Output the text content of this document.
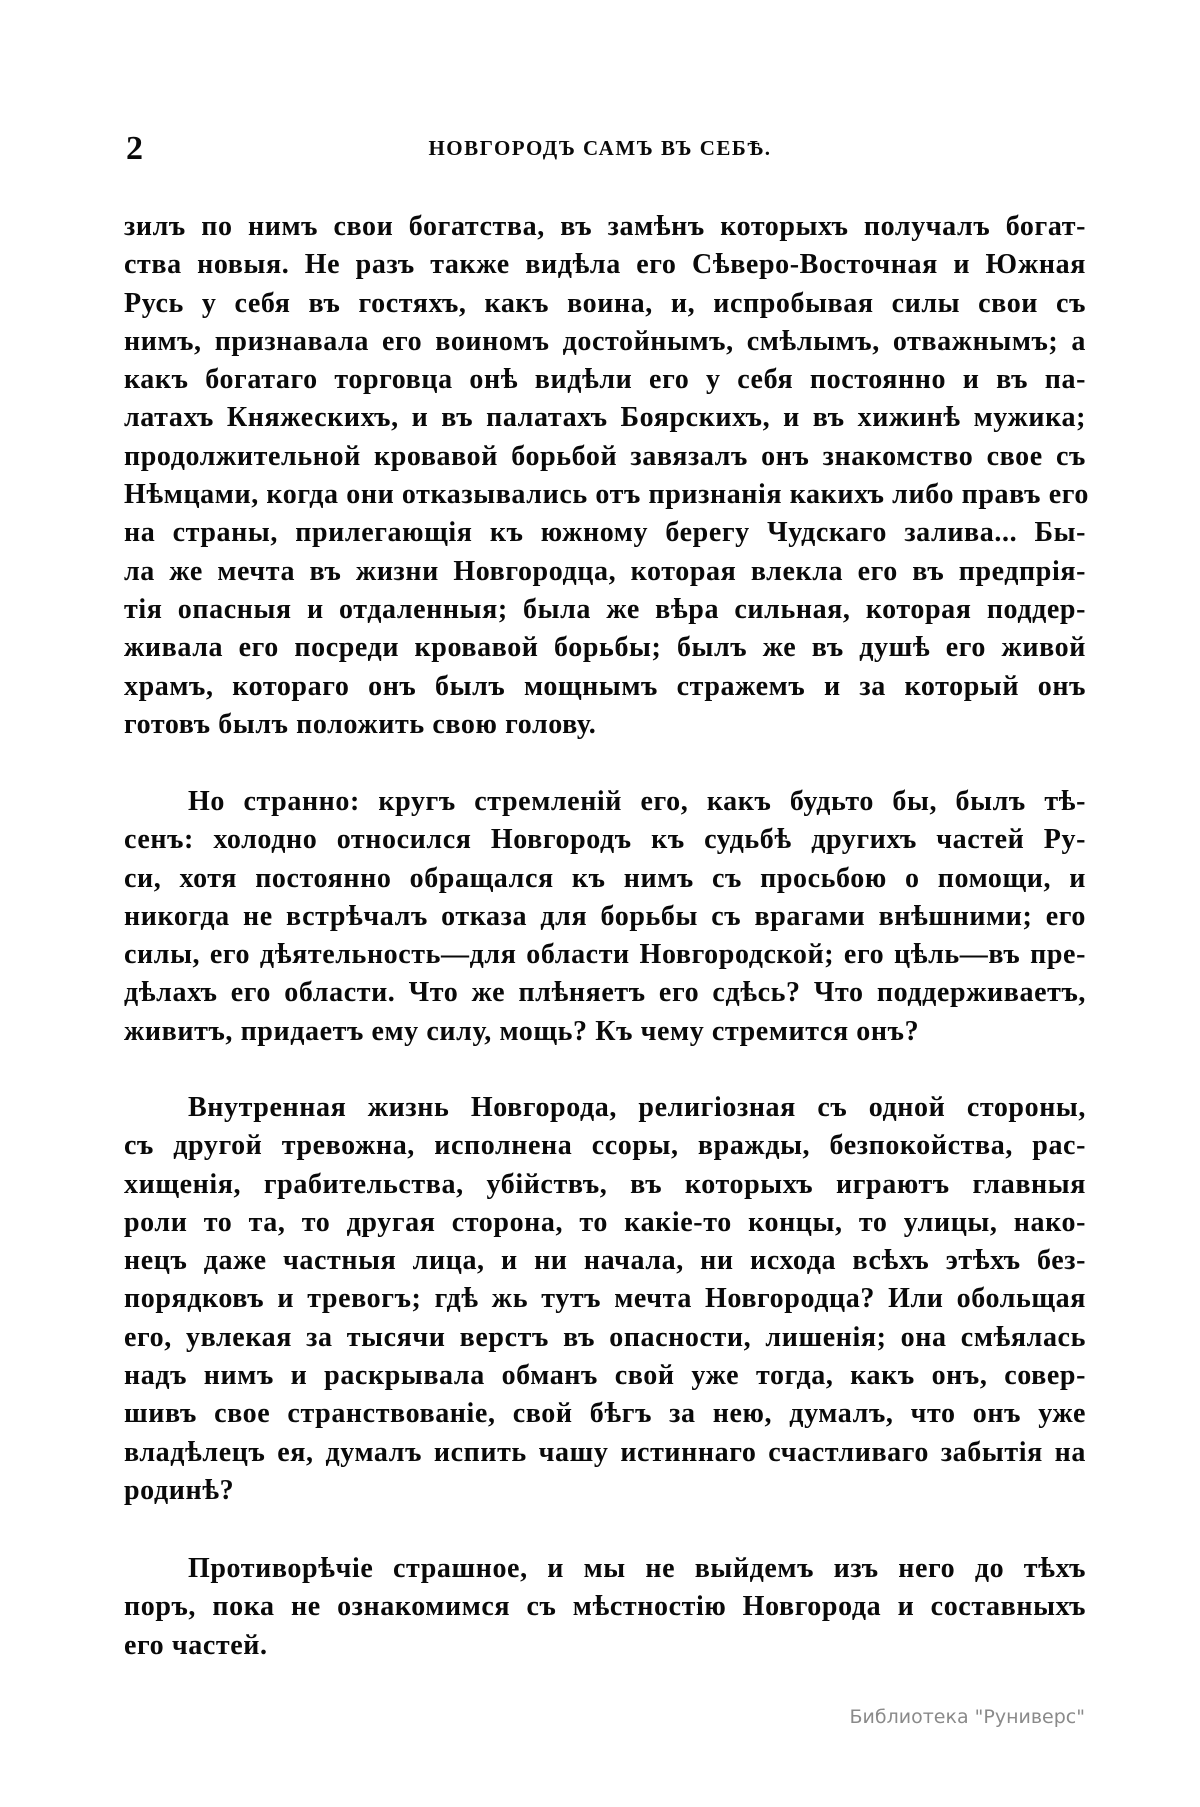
2	НОВГОРОДЪ САМЪ ВЪ СЕБѢ.
зилъ по нимъ свои богатства, въ замѣнъ которыхъ получалъ богат-
ства новыя. Не разъ также видѣла его Сѣверо-Восточная и Южная
Русь у себя въ гостяхъ, какъ воина, и, испробывая силы свои съ
нимъ, признавала его воиномъ достойнымъ, смѣлымъ, отважнымъ; а
какъ богатаго торговца онѣ видѣли его у себя постоянно и въ па-
латахъ Княжескихъ, и въ палатахъ Боярскихъ, и въ хижинѣ мужика;
продолжительной кровавой борьбой завязалъ онъ знакомство свое съ
Нѣмцами, когда они отказывались отъ признанія какихъ либо правъ его
на страны, прилегающія къ южному берегу Чудскаго залива... Бы-
ла же мечта въ жизни Новгородца, которая влекла его въ предпрія-
тія опасныя и отдаленныя; была же вѣра сильная, которая поддер-
живала его посреди кровавой борьбы; былъ же въ душѣ его живой
храмъ, котораго онъ былъ мощнымъ стражемъ и за который онъ
готовъ былъ положить свою голову.
Но странно: кругъ стремленій его, какъ будьто бы, былъ тѣ-
сенъ: холодно относился Новгородъ къ судьбѣ другихъ частей Ру-
си, хотя постоянно обращался къ нимъ съ просьбою о помощи, и
никогда не встрѣчалъ отказа для борьбы съ врагами внѣшними; его
силы, его дѣятельность—для области Новгородской; его цѣль—въ пре-
дѣлахъ его области. Что же плѣняетъ его сдѣсь? Что поддерживаетъ,
живитъ, придаетъ ему силу, мощь? Къ чему стремится онъ?
Внутренная жизнь Новгорода, религіозная съ одной стороны,
съ другой тревожна, исполнена ссоры, вражды, безпокойства, рас-
хищенія, грабительства, убійствъ, въ которыхъ играютъ главныя
роли то та, то другая сторона, то какіе-то концы, то улицы, нако-
нецъ даже частныя лица, и ни начала, ни исхода всѣхъ этѣхъ без-
порядковъ и тревогъ; гдѣ жь тутъ мечта Новгородца? Или обольщая
его, увлекая за тысячи верстъ въ опасности, лишенія; она смѣялась
надъ нимъ и раскрывала обманъ свой уже тогда, какъ онъ, совер-
шивъ свое странствованіе, свой бѣгъ за нею, думалъ, что онъ уже
владѣлецъ ея, думалъ испить чашу истиннаго счастливаго забытія на
родинѣ?
Противорѣчіе страшное, и мы не выйдемъ изъ него до тѣхъ
поръ, пока не ознакомимся съ мѣстностію Новгорода и составныхъ
его частей.
Библиотека "Руниверс"
